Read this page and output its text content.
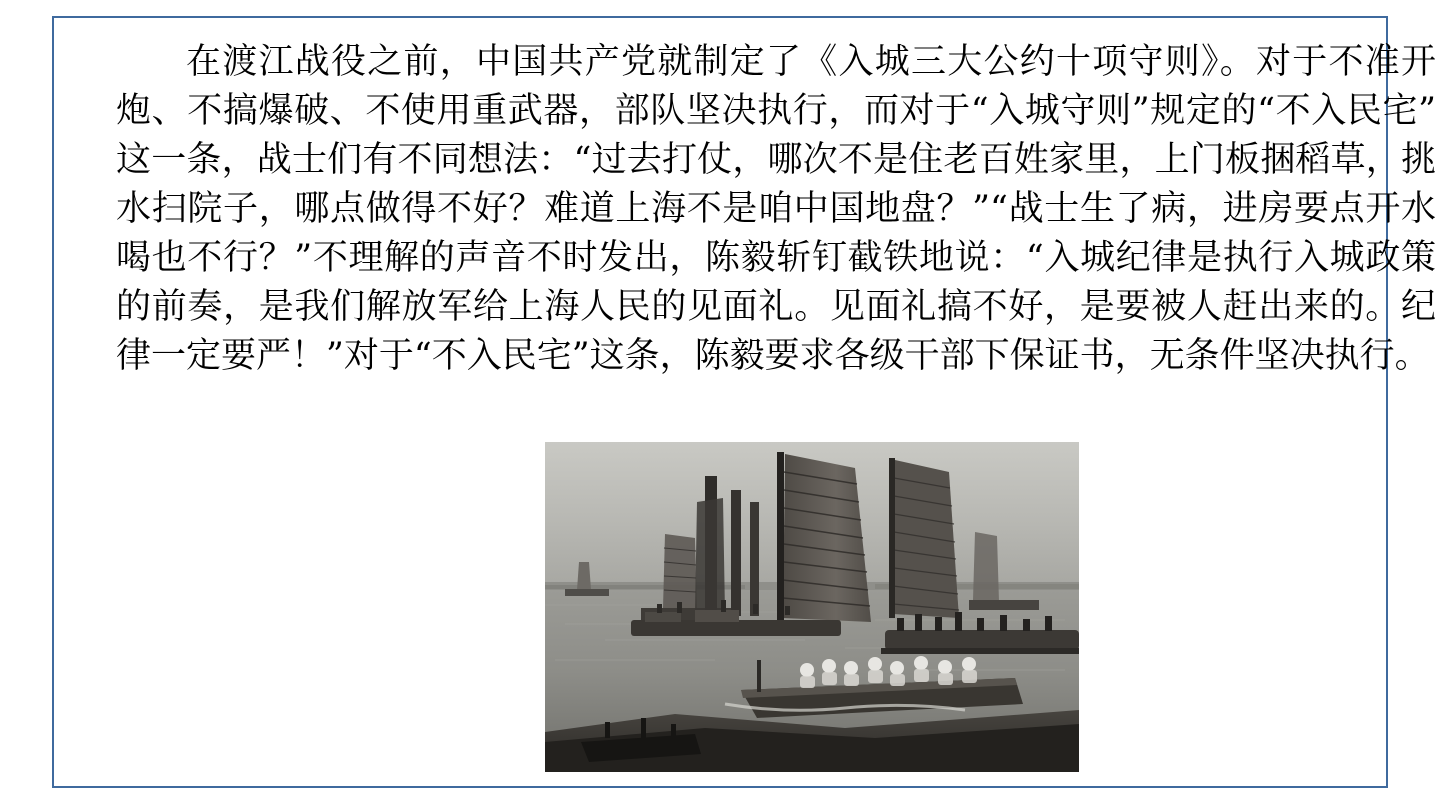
在渡江战役之前，中国共产党就制定了《入城三大公约十项守则》。对于不准开炮、不搞爆破、不使用重武器，部队坚决执行，而对于“入城守则”规定的“不入民宅”这一条，战士们有不同想法：“过去打仗，哪次不是住老百姓家里，上门板捆稻草，挑水扫院子，哪点做得不好？难道上海不是咱中国地盘？”“战士生了病，进房要点开水喝也不行？”不理解的声音不时发出，陈毅斩钉截铁地说：“入城纪律是执行入城政策的前奏，是我们解放军给上海人民的见面礼。见面礼搞不好，是要被人赶出来的。纪律一定要严！”对于“不入民宅”这条，陈毅要求各级干部下保证书，无条件坚决执行。
